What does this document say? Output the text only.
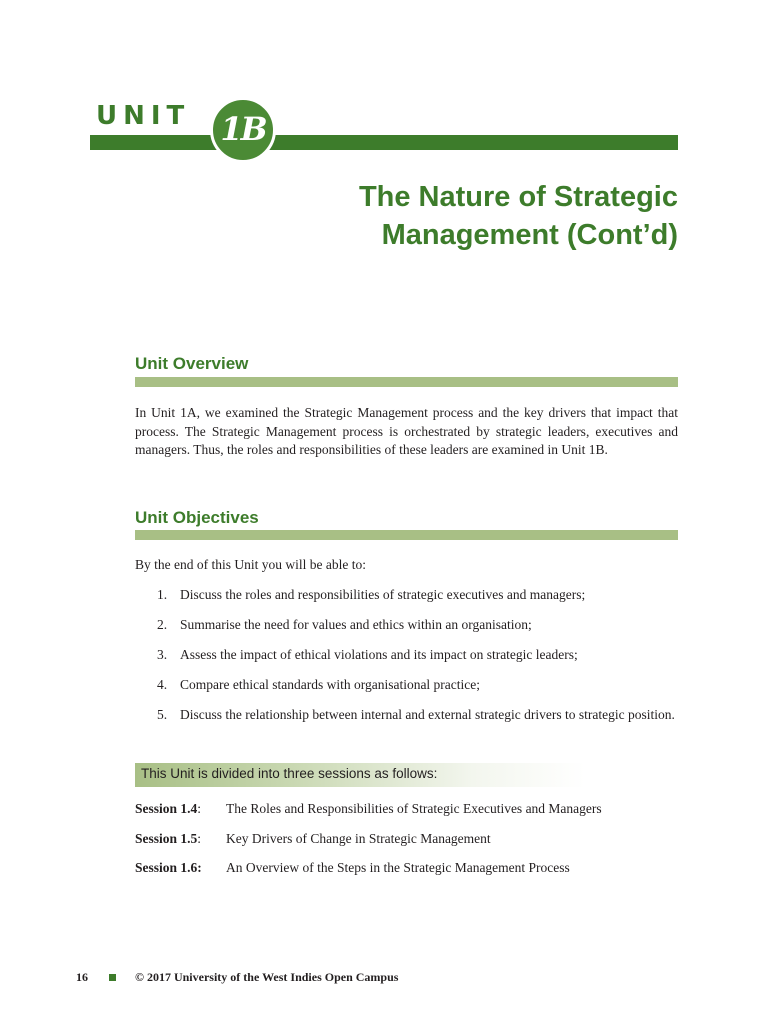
UNIT 1B
The Nature of Strategic
Management (Cont’d)
Unit Overview
In Unit 1A, we examined the Strategic Management process and the key drivers that impact that process. The Strategic Management process is orchestrated by strategic leaders, executives and managers. Thus, the roles and responsibilities of these leaders are examined in Unit 1B.
Unit Objectives
By the end of this Unit you will be able to:
1. Discuss the roles and responsibilities of strategic executives and managers;
2. Summarise the need for values and ethics within an organisation;
3. Assess the impact of ethical violations and its impact on strategic leaders;
4. Compare ethical standards with organisational practice;
5. Discuss the relationship between internal and external strategic drivers to strategic position.
This Unit is divided into three sessions as follows:
Session 1.4: The Roles and Responsibilities of Strategic Executives and Managers
Session 1.5: Key Drivers of Change in Strategic Management
Session 1.6: An Overview of the Steps in the Strategic Management Process
16	© 2017 University of the West Indies Open Campus
